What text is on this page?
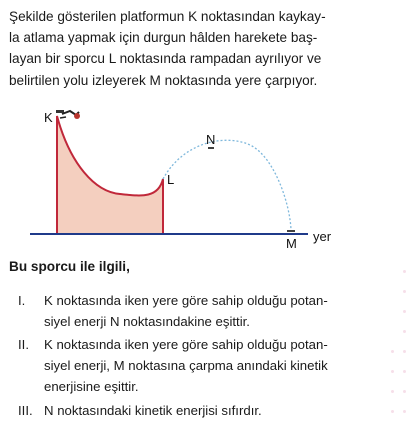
Şekilde gösterilen platformun K noktasından kaykay-
la atlama yapmak için durgun hâlden harekete baş-
layan bir sporcu L noktasında rampadan ayrılıyor ve
belirtilen yolu izleyerek M noktasında yere çarpıyor.
K
L
N
M yer
Bu sporcu ile ilgili,
I.	K noktasında iken yere göre sahip olduğu potan-
siyel enerji N noktasındakine eşittir.
II.	K noktasında iken yere göre sahip olduğu potan-
siyel enerji, M noktasına çarpma anındaki kinetik
enerjisine eşittir.
III. N noktasındaki kinetik enerjisi sıfırdır.
